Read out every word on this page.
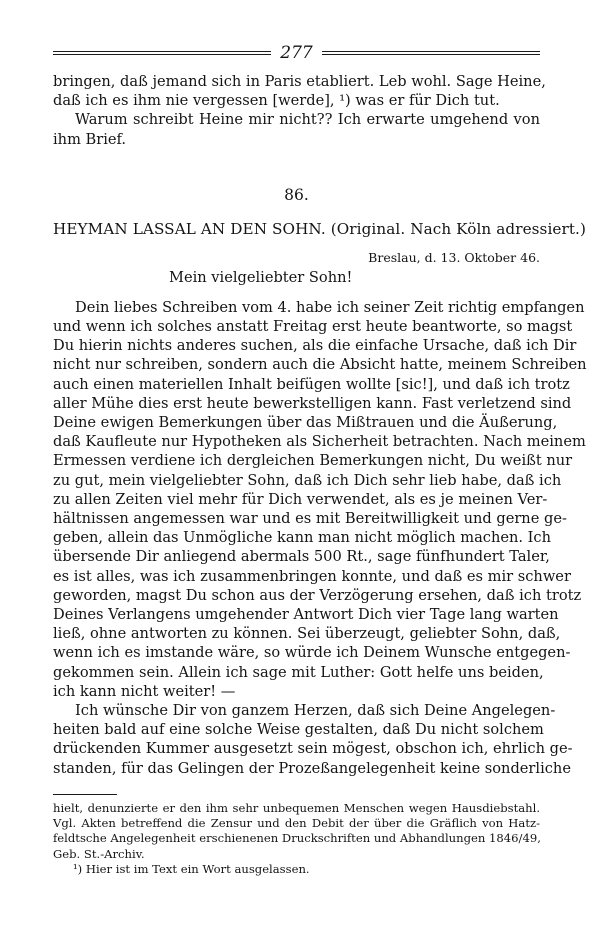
277
bringen, daß jemand sich in Paris etabliert. Leb wohl. Sage Heine,
daß ich es ihm nie vergessen [werde], ¹) was er für Dich tut.
Warum schreibt Heine mir nicht?? Ich erwarte umgehend von
ihm Brief.
86.
HEYMAN LASSAL AN DEN SOHN. (Original. Nach Köln adressiert.)
Breslau, d. 13. Oktober 46.
Mein vielgeliebter Sohn!
Dein liebes Schreiben vom 4. habe ich seiner Zeit richtig empfangen
und wenn ich solches anstatt Freitag erst heute beantworte, so magst
Du hierin nichts anderes suchen, als die einfache Ursache, daß ich Dir
nicht nur schreiben, sondern auch die Absicht hatte, meinem Schreiben
auch einen materiellen Inhalt beifügen wollte [sic!], und daß ich trotz
aller Mühe dies erst heute bewerkstelligen kann. Fast verletzend sind
Deine ewigen Bemerkungen über das Mißtrauen und die Äußerung,
daß Kaufleute nur Hypotheken als Sicherheit betrachten. Nach meinem
Ermessen verdiene ich dergleichen Bemerkungen nicht, Du weißt nur
zu gut, mein vielgeliebter Sohn, daß ich Dich sehr lieb habe, daß ich
zu allen Zeiten viel mehr für Dich verwendet, als es je meinen Ver-
hältnissen angemessen war und es mit Bereitwilligkeit und gerne ge-
geben, allein das Unmögliche kann man nicht möglich machen. Ich
übersende Dir anliegend abermals 500 Rt., sage fünfhundert Taler,
es ist alles, was ich zusammenbringen konnte, und daß es mir schwer
geworden, magst Du schon aus der Verzögerung ersehen, daß ich trotz
Deines Verlangens umgehender Antwort Dich vier Tage lang warten
ließ, ohne antworten zu können. Sei überzeugt, geliebter Sohn, daß,
wenn ich es imstande wäre, so würde ich Deinem Wunsche entgegen-
gekommen sein. Allein ich sage mit Luther: Gott helfe uns beiden,
ich kann nicht weiter! —
Ich wünsche Dir von ganzem Herzen, daß sich Deine Angelegen-
heiten bald auf eine solche Weise gestalten, daß Du nicht solchem
drückenden Kummer ausgesetzt sein mögest, obschon ich, ehrlich ge-
standen, für das Gelingen der Prozeßangelegenheit keine sonderliche
hielt, denunzierte er den ihm sehr unbequemen Menschen wegen Hausdiebstahl.
Vgl. Akten betreffend die Zensur und den Debit der über die Gräflich von Hatz-
feldtsche Angelegenheit erschienenen Druckschriften und Abhandlungen 1846/49,
Geb. St.-Archiv.
¹) Hier ist im Text ein Wort ausgelassen.
